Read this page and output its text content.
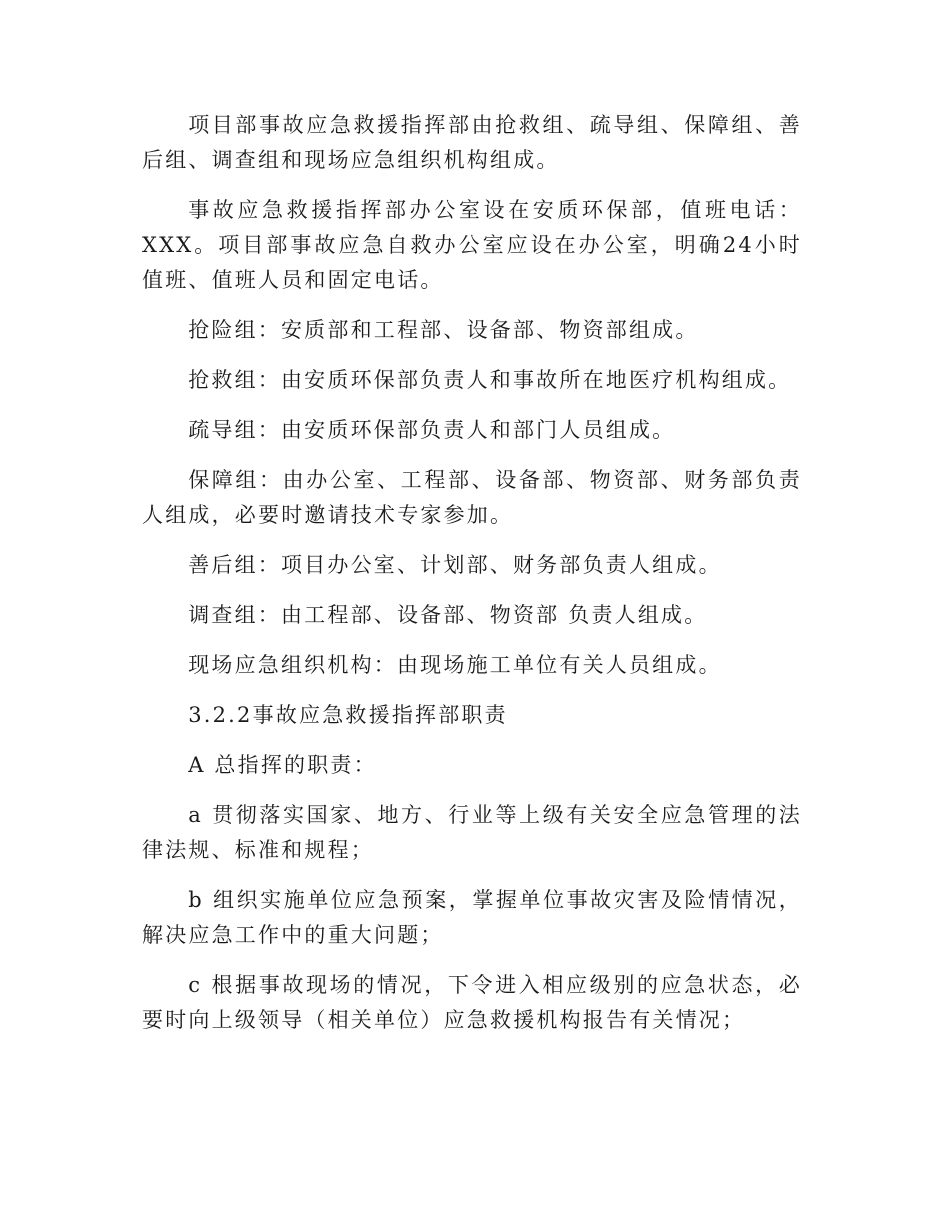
项目部事故应急救援指挥部由抢救组、疏导组、保障组、善后组、调查组和现场应急组织机构组成。

事故应急救援指挥部办公室设在安质环保部，值班电话：XXX。项目部事故应急自救办公室应设在办公室，明确24小时值班、值班人员和固定电话。

抢险组：安质部和工程部、设备部、物资部组成。

抢救组：由安质环保部负责人和事故所在地医疗机构组成。

疏导组：由安质环保部负责人和部门人员组成。

保障组：由办公室、工程部、设备部、物资部、财务部负责人组成，必要时邀请技术专家参加。

善后组：项目办公室、计划部、财务部负责人组成。

调查组：由工程部、设备部、物资部 负责人组成。

现场应急组织机构：由现场施工单位有关人员组成。

3.2.2事故应急救援指挥部职责

A 总指挥的职责：

a 贯彻落实国家、地方、行业等上级有关安全应急管理的法律法规、标准和规程；

b 组织实施单位应急预案，掌握单位事故灾害及险情情况，解决应急工作中的重大问题；

c 根据事故现场的情况，下令进入相应级别的应急状态，必要时向上级领导（相关单位）应急救援机构报告有关情况；
